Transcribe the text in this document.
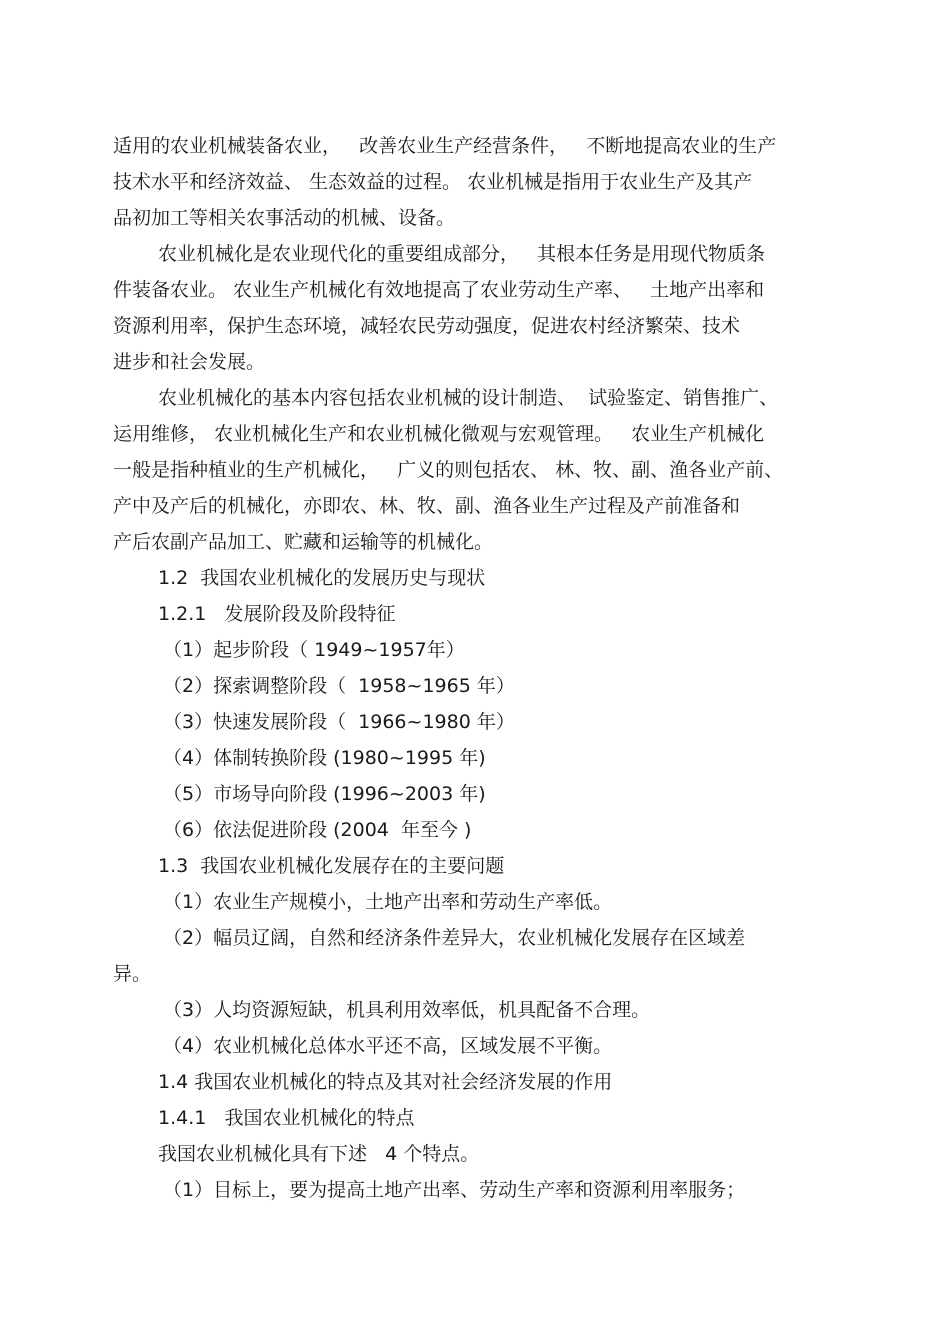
适用的农业机械装备农业，   改善农业生产经营条件，   不断地提高农业的生产
技术水平和经济效益、 生态效益的过程。 农业机械是指用于农业生产及其产
品初加工等相关农事活动的机械、设备。
农业机械化是农业现代化的重要组成部分，   其根本任务是用现代物质条
件装备农业。 农业生产机械化有效地提高了农业劳动生产率、   土地产出率和
资源利用率，保护生态环境，减轻农民劳动强度，促进农村经济繁荣、技术
进步和社会发展。
农业机械化的基本内容包括农业机械的设计制造、  试验鉴定、销售推广、
运用维修， 农业机械化生产和农业机械化微观与宏观管理。   农业生产机械化
一般是指种植业的生产机械化，   广义的则包括农、 林、牧、副、渔各业产前、
产中及产后的机械化，亦即农、林、牧、副、渔各业生产过程及产前准备和
产后农副产品加工、贮藏和运输等的机械化。
1.2  我国农业机械化的发展历史与现状
1.2.1   发展阶段及阶段特征
（1）起步阶段（ 1949~1957年）
（2）探索调整阶段（  1958~1965 年）
（3）快速发展阶段（  1966~1980 年）
（4）体制转换阶段 (1980~1995 年)
（5）市场导向阶段 (1996~2003 年)
（6）依法促进阶段 (2004  年至今 )
1.3  我国农业机械化发展存在的主要问题
（1）农业生产规模小，土地产出率和劳动生产率低。
（2）幅员辽阔，自然和经济条件差异大，农业机械化发展存在区域差
异。
（3）人均资源短缺，机具利用效率低，机具配备不合理。
（4）农业机械化总体水平还不高，区域发展不平衡。
1.4 我国农业机械化的特点及其对社会经济发展的作用
1.4.1   我国农业机械化的特点
我国农业机械化具有下述   4 个特点。
（1）目标上，要为提高土地产出率、劳动生产率和资源利用率服务；
